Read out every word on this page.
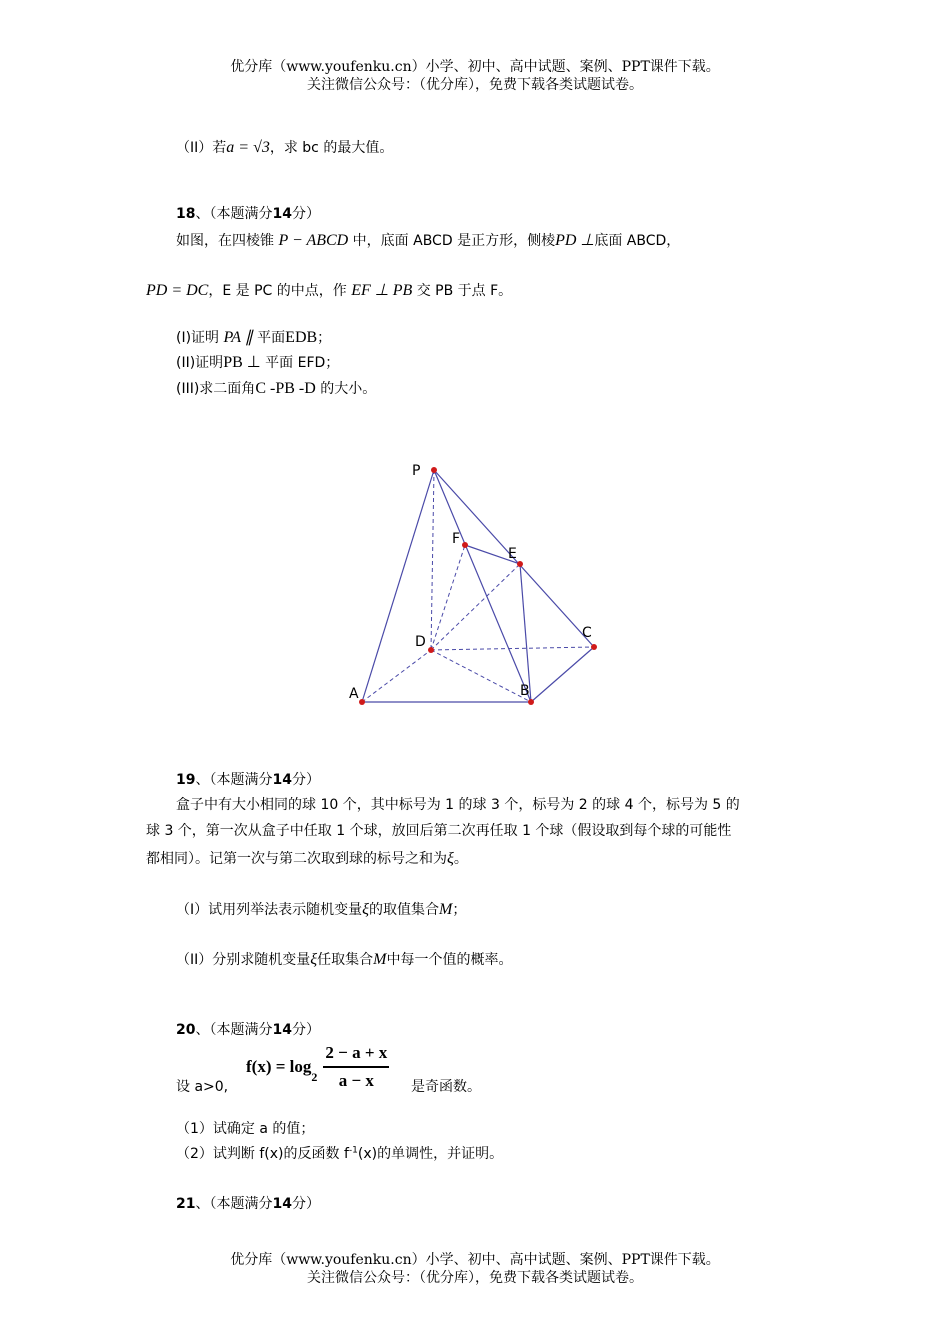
优分库（www.youfenku.cn）小学、初中、高中试题、案例、PPT课件下载。
关注微信公众号：（优分库），免费下载各类试题试卷。
（II）若a = √3，求 bc 的最大值。
18、（本题满分14分）
如图，在四棱锥 P − ABCD 中，底面 ABCD 是正方形，侧棱PD ⊥底面 ABCD，
PD = DC，E 是 PC 的中点，作 EF ⊥ PB 交 PB 于点 F。
(I)证明 PA ∥ 平面EDB；
(II)证明PB ⊥ 平面 EFD；
(III)求二面角C -PB -D 的大小。
P
F
E
D
C
A	B
19、（本题满分14分）
盒子中有大小相同的球 10 个，其中标号为 1 的球 3 个，标号为 2 的球 4 个，标号为 5 的
球 3 个，第一次从盒子中任取 1 个球，放回后第二次再任取 1 个球（假设取到每个球的可能性
都相同）。记第一次与第二次取到球的标号之和为ξ。
（Ⅰ）试用列举法表示随机变量ξ的取值集合M；
（II）分别求随机变量ξ任取集合M中每一个值的概率。
20、（本题满分14分）
设 a>0,
f(x) = log
$2 \frac{2 - a + x}{a - x}$ 是奇函数。
（1）试确定 a 的值；
（2）试判断 f(x)的反函数 $f^{-1}(x)$的单调性，并证明。
21、（本题满分14分）
优分库（www.youfenku.cn）小学、初中、高中试题、案例、PPT课件下载。
关注微信公众号：（优分库），免费下载各类试题试卷。
